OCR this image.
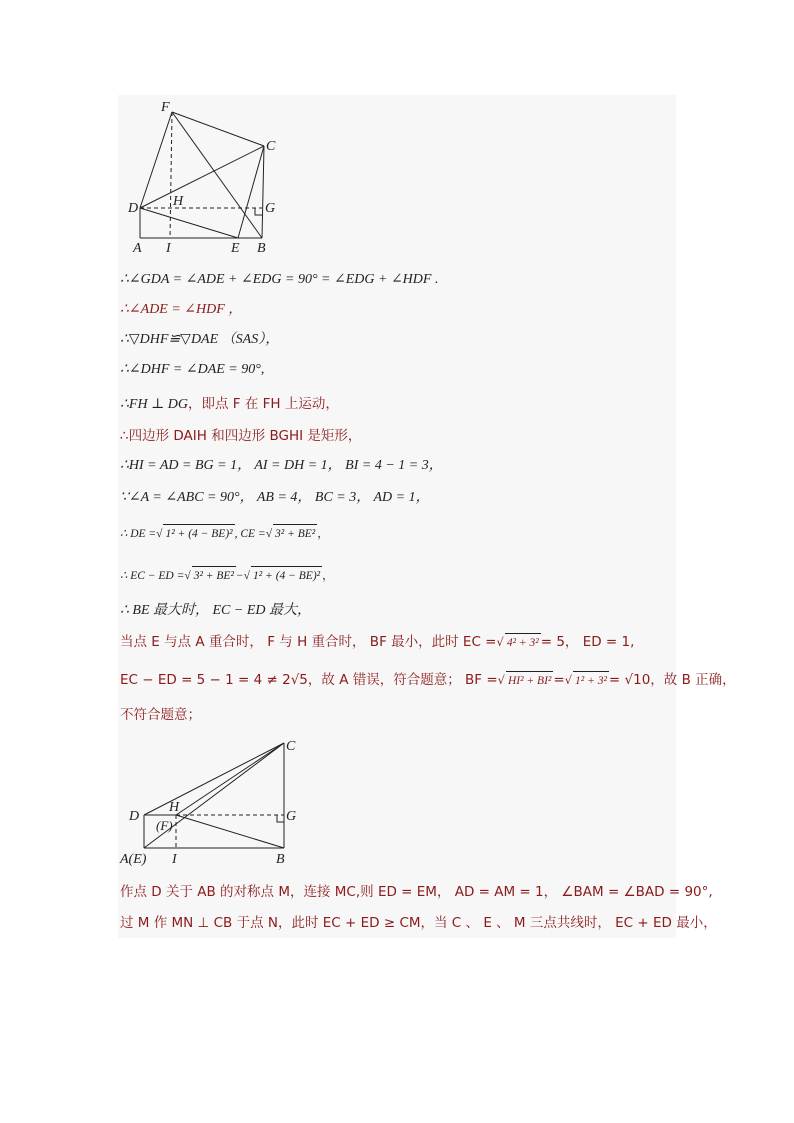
F
C
D H	G
A I	E B
∴∠GDA = ∠ADE + ∠EDG = 90° = ∠EDG + ∠HDF .
∴∠ADE = ∠HDF ，
∴▽DHF≌▽DAE （SAS），
∴∠DHF = ∠DAE = 90°,
∴FH ⊥ DG，即点 F 在 FH 上运动，
∴四边形 DAIH 和四边形 BGHI 是矩形，
∴HI = AD = BG = 1， AI = DH = 1， BI = 4 − 1 = 3，
∵∠A = ∠ABC = 90°， AB = 4， BC = 3， AD = 1，
∴ DE =√ 1² + (4 − BE)² , CE =√ 3² + BE² ，
∴ EC − ED =√ 3² + BE² −√ 1² + (4 − BE)² ，
∴ BE 最大时， EC − ED 最大，
当点 E 与点 A 重合时， F 与 H 重合时， BF 最小，此时 EC =√ 4² + 3² = 5， ED = 1,
EC − ED = 5 − 1 = 4 ≠ 2√5，故 A 错误，符合题意； BF =√ HI² + BI² =√ 1² + 3² = √10，故 B 正确，
不符合题意；
C
D
H
(F)
G
A(E) I	B
作点 D 关于 AB 的对称点 M，连接 MC,则 ED = EM， AD = AM = 1， ∠BAM = ∠BAD = 90°,
过 M 作 MN ⊥ CB 于点 N，此时 EC + ED ≥ CM，当 C 、 E 、 M 三点共线时， EC + ED 最小，
